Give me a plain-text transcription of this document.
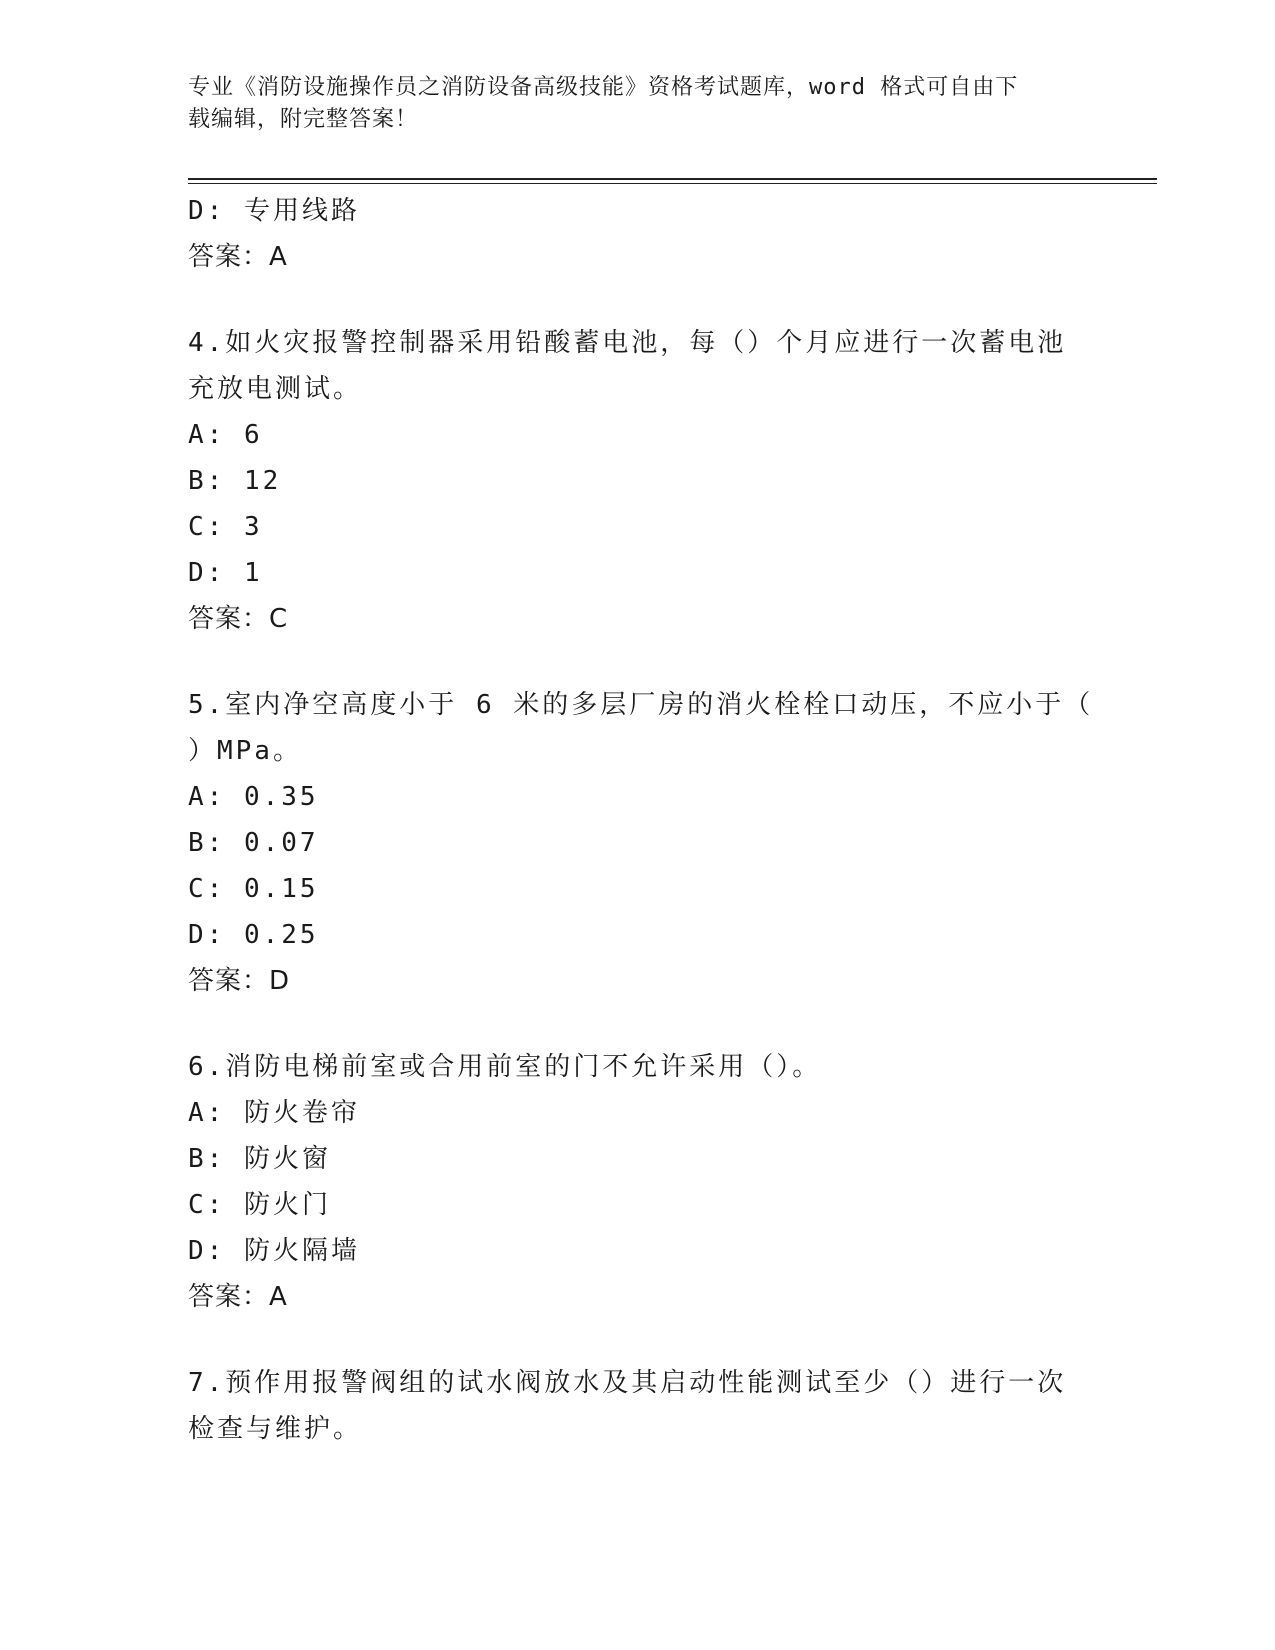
专业《消防设施操作员之消防设备高级技能》资格考试题库，word 格式可自由下
载编辑，附完整答案！
D: 专用线路
答案：A
4.如火灾报警控制器采用铅酸蓄电池，每（）个月应进行一次蓄电池
充放电测试。
A: 6
B: 12
C: 3
D: 1
答案：C
5.室内净空高度小于 6 米的多层厂房的消火栓栓口动压，不应小于（
）MPa。
A: 0.35
B: 0.07
C: 0.15
D: 0.25
答案：D
6.消防电梯前室或合用前室的门不允许采用（）。
A: 防火卷帘
B: 防火窗
C: 防火门
D: 防火隔墙
答案：A
7.预作用报警阀组的试水阀放水及其启动性能测试至少（）进行一次
检查与维护。
